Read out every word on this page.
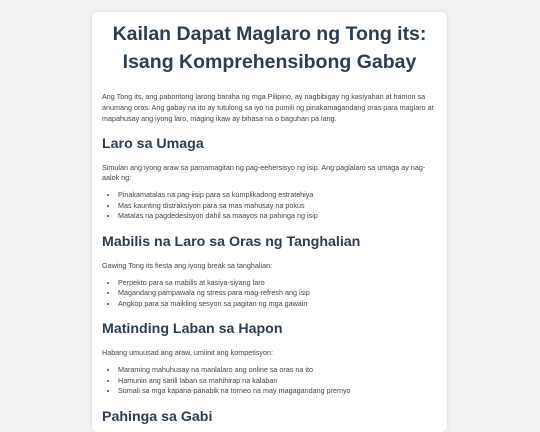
Kailan Dapat Maglaro ng Tong its: Isang Komprehensibong Gabay

Ang Tong its, ang paboritong larong baraha ng mga Pilipino, ay nagbibigay ng kasiyahan at hamon sa anumang oras. Ang gabay na ito ay tutulong sa iyo na pumili ng pinakamagandang oras para maglaro at mapahusay ang iyong laro, maging ikaw ay bihasa na o baguhan pa lang.

Laro sa Umaga

Simulan ang iyong araw sa pamamagitan ng pag-eehersisyo ng isip. Ang paglalaro sa umaga ay nag-aalok ng:

• Pinakamatalas na pag-iisip para sa kumplikadong estratehiya
• Mas kaunting distraksiyon para sa mas mahusay na pokus
• Matalas na pagdedesisyon dahil sa maayos na pahinga ng isip
Mabilis na Laro sa Oras ng Tanghalian

Gawing Tong its fiesta ang iyong break sa tanghalian:

• Perpekto para sa mabilis at kasiya-siyang laro
• Magandang pampawala ng stress para mag-refresh ang isip
• Angkop para sa maikling sesyon sa pagitan ng mga gawain
Matinding Laban sa Hapon

Habang umuusad ang araw, umiinit ang kompetisyon:

• Maraming mahuhusay na manlalaro ang online sa oras na ito
• Hamunin ang sarili laban sa mahihirap na kalaban
• Sumali sa mga kapana-panabik na torneo na may magagandang premyo
Pahinga sa Gabi
